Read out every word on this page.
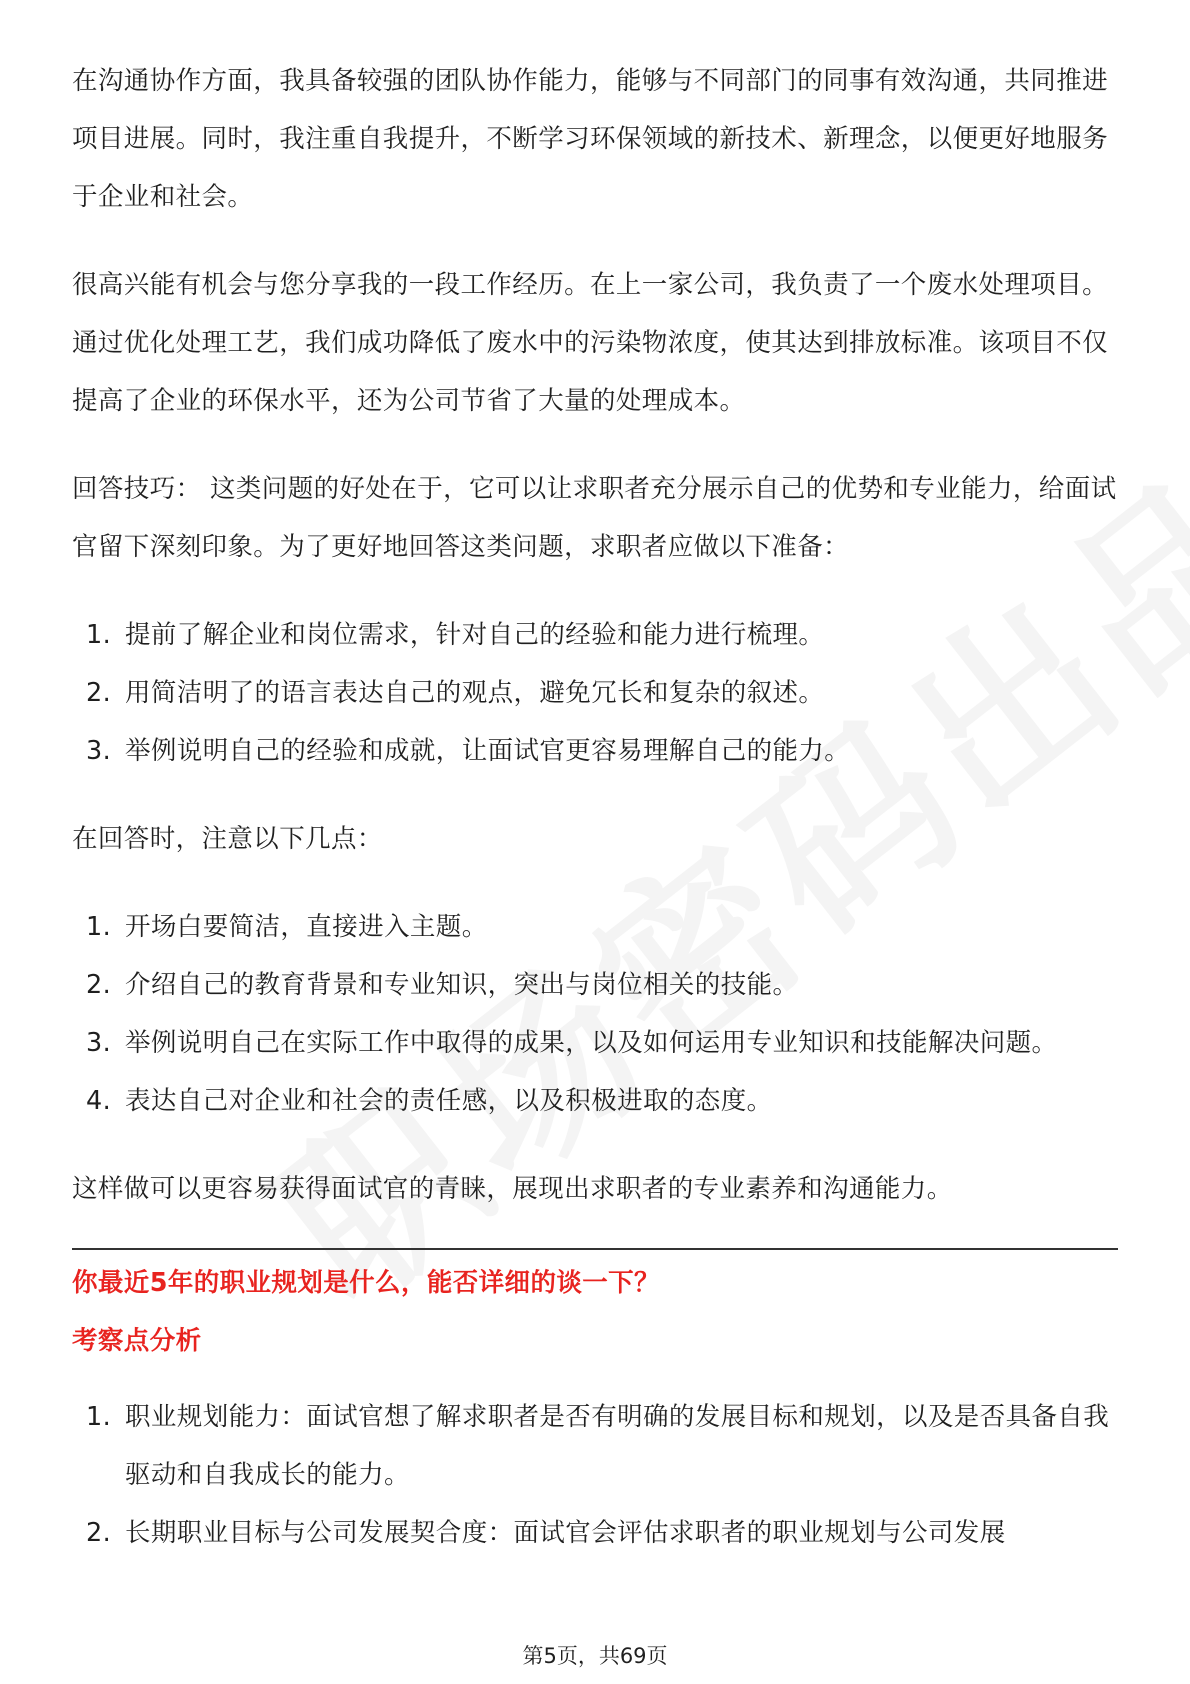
在沟通协作方面，我具备较强的团队协作能力，能够与不同部门的同事有效沟通，共同推进项目进展。同时，我注重自我提升，不断学习环保领域的新技术、新理念，以便更好地服务于企业和社会。

很高兴能有机会与您分享我的一段工作经历。在上一家公司，我负责了一个废水处理项目。通过优化处理工艺，我们成功降低了废水中的污染物浓度，使其达到排放标准。该项目不仅提高了企业的环保水平，还为公司节省了大量的处理成本。

回答技巧： 这类问题的好处在于，它可以让求职者充分展示自己的优势和专业能力，给面试官留下深刻印象。为了更好地回答这类问题，求职者应做以下准备：

1. 提前了解企业和岗位需求，针对自己的经验和能力进行梳理。
2. 用简洁明了的语言表达自己的观点，避免冗长和复杂的叙述。
3. 举例说明自己的经验和成就，让面试官更容易理解自己的能力。

在回答时，注意以下几点：

1. 开场白要简洁，直接进入主题。
2. 介绍自己的教育背景和专业知识，突出与岗位相关的技能。
3. 举例说明自己在实际工作中取得的成果，以及如何运用专业知识和技能解决问题。
4. 表达自己对企业和社会的责任感，以及积极进取的态度。

这样做可以更容易获得面试官的青睐，展现出求职者的专业素养和沟通能力。

你最近5年的职业规划是什么，能否详细的谈一下？

考察点分析

1. 职业规划能力：面试官想了解求职者是否有明确的发展目标和规划，以及是否具备自我驱动和自我成长的能力。
2. 长期职业目标与公司发展契合度：面试官会评估求职者的职业规划与公司发展
第5页，共69页
